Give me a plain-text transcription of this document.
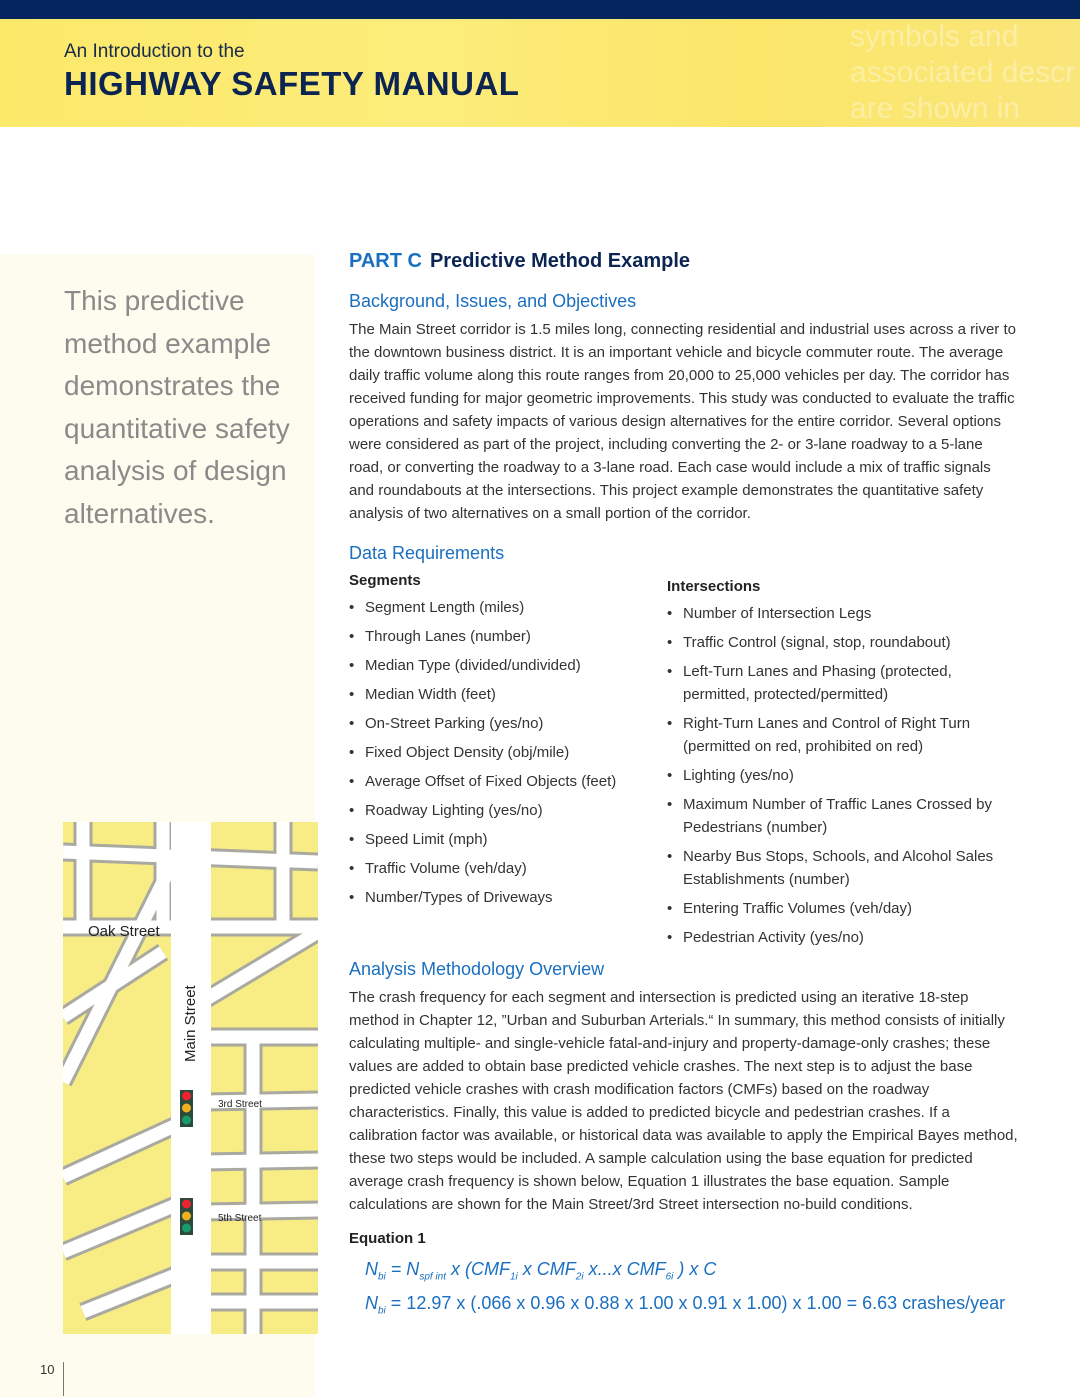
symbols and associated descr are shown in
An Introduction to the
HIGHWAY SAFETY MANUAL
This predictive method example demonstrates the quantitative safety analysis of design alternatives.
Oak Street
Main Street
3rd Street
5th Street
10
PART C Predictive Method Example
Background, Issues, and Objectives

The Main Street corridor is 1.5 miles long, connecting residential and industrial uses across a river to the downtown business district. It is an important vehicle and bicycle commuter route. The average daily traffic volume along this route ranges from 20,000 to 25,000 vehicles per day. The corridor has received funding for major geometric improvements. This study was conducted to evaluate the traffic operations and safety impacts of various design alternatives for the entire corridor. Several options were considered as part of the project, including converting the 2- or 3-lane roadway to a 5-lane road, or converting the roadway to a 3-lane road. Each case would include a mix of traffic signals and roundabouts at the intersections. This project example demonstrates the quantitative safety analysis of two alternatives on a small portion of the corridor.

Data Requirements
Segments
• Segment Length (miles)
• Through Lanes (number)
• Median Type (divided/undivided)
• Median Width (feet)
• On-Street Parking (yes/no)
• Fixed Object Density (obj/mile)
• Average Offset of Fixed Objects (feet)
• Roadway Lighting (yes/no)
• Speed Limit (mph)
• Traffic Volume (veh/day)
• Number/Types of Driveways
Intersections
• Number of Intersection Legs
• Traffic Control (signal, stop, roundabout)
• Left-Turn Lanes and Phasing (protected, permitted, protected/permitted)
• Right-Turn Lanes and Control of Right Turn (permitted on red, prohibited on red)
• Lighting (yes/no)
• Maximum Number of Traffic Lanes Crossed by Pedestrians (number)
• Nearby Bus Stops, Schools, and Alcohol Sales Establishments (number)
• Entering Traffic Volumes (veh/day)
• Pedestrian Activity (yes/no)
Analysis Methodology Overview

The crash frequency for each segment and intersection is predicted using an iterative 18-step method in Chapter 12, ”Urban and Suburban Arterials.“ In summary, this method consists of initially calculating multiple- and single-vehicle fatal-and-injury and property-damage-only crashes; these values are added to obtain base predicted vehicle crashes. The next step is to adjust the base predicted vehicle crashes with crash modification factors (CMFs) based on the roadway characteristics. Finally, this value is added to predicted bicycle and pedestrian crashes. If a calibration factor was available, or historical data was available to apply the Empirical Bayes method, these two steps would be included. A sample calculation using the base equation for predicted average crash frequency is shown below, Equation 1 illustrates the base equation. Sample calculations are shown for the Main Street/3rd Street intersection no-build conditions.

Equation 1
$N_{bi} = N_{spf int}$ x ($CMF_{1i}$ x $CMF_{2i}$ x...x $CMF_{6i}$ ) x C
$N_{bi} = 12.97$ x (.066 x 0.96 x 0.88 x 1.00 x 0.91 x 1.00) x 1.00 = 6.63 crashes/year
